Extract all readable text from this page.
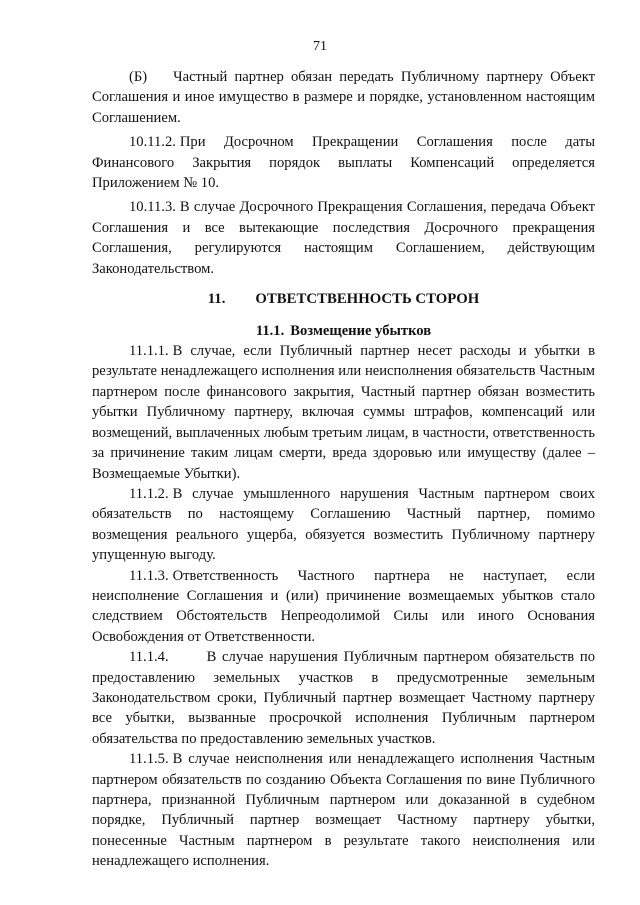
71

(Б) Частный партнер обязан передать Публичному партнеру Объект Соглашения и иное имущество в размере и порядке, установленном настоящим Соглашением.

10.11.2. При Досрочном Прекращении Соглашения после даты Финансового Закрытия порядок выплаты Компенсаций определяется Приложением № 10.

10.11.3. В случае Досрочного Прекращения Соглашения, передача Объект Соглашения и все вытекающие последствия Досрочного прекращения Соглашения, регулируются настоящим Соглашением, действующим Законодательством.

11. ОТВЕТСТВЕННОСТЬ СТОРОН
11.1. Возмещение убытков

11.1.1. В случае, если Публичный партнер несет расходы и убытки в результате ненадлежащего исполнения или неисполнения обязательств Частным партнером после финансового закрытия, Частный партнер обязан возместить убытки Публичному партнеру, включая суммы штрафов, компенсаций или возмещений, выплаченных любым третьим лицам, в частности, ответственность за причинение таким лицам смерти, вреда здоровью или имуществу (далее – Возмещаемые Убытки).

11.1.2. В случае умышленного нарушения Частным партнером своих обязательств по настоящему Соглашению Частный партнер, помимо возмещения реального ущерба, обязуется возместить Публичному партнеру упущенную выгоду.

11.1.3. Ответственность Частного партнера не наступает, если неисполнение Соглашения и (или) причинение возмещаемых убытков стало следствием Обстоятельств Непреодолимой Силы или иного Основания Освобождения от Ответственности.

11.1.4.	В случае нарушения Публичным партнером обязательств по предоставлению земельных участков в предусмотренные земельным Законодательством сроки, Публичный партнер возмещает Частному партнеру все убытки, вызванные просрочкой исполнения Публичным партнером обязательства по предоставлению земельных участков.

11.1.5. В случае неисполнения или ненадлежащего исполнения Частным партнером обязательств по созданию Объекта Соглашения по вине Публичного партнера, признанной Публичным партнером или доказанной в судебном порядке, Публичный партнер возмещает Частному партнеру убытки, понесенные Частным партнером в результате такого неисполнения или ненадлежащего исполнения.
